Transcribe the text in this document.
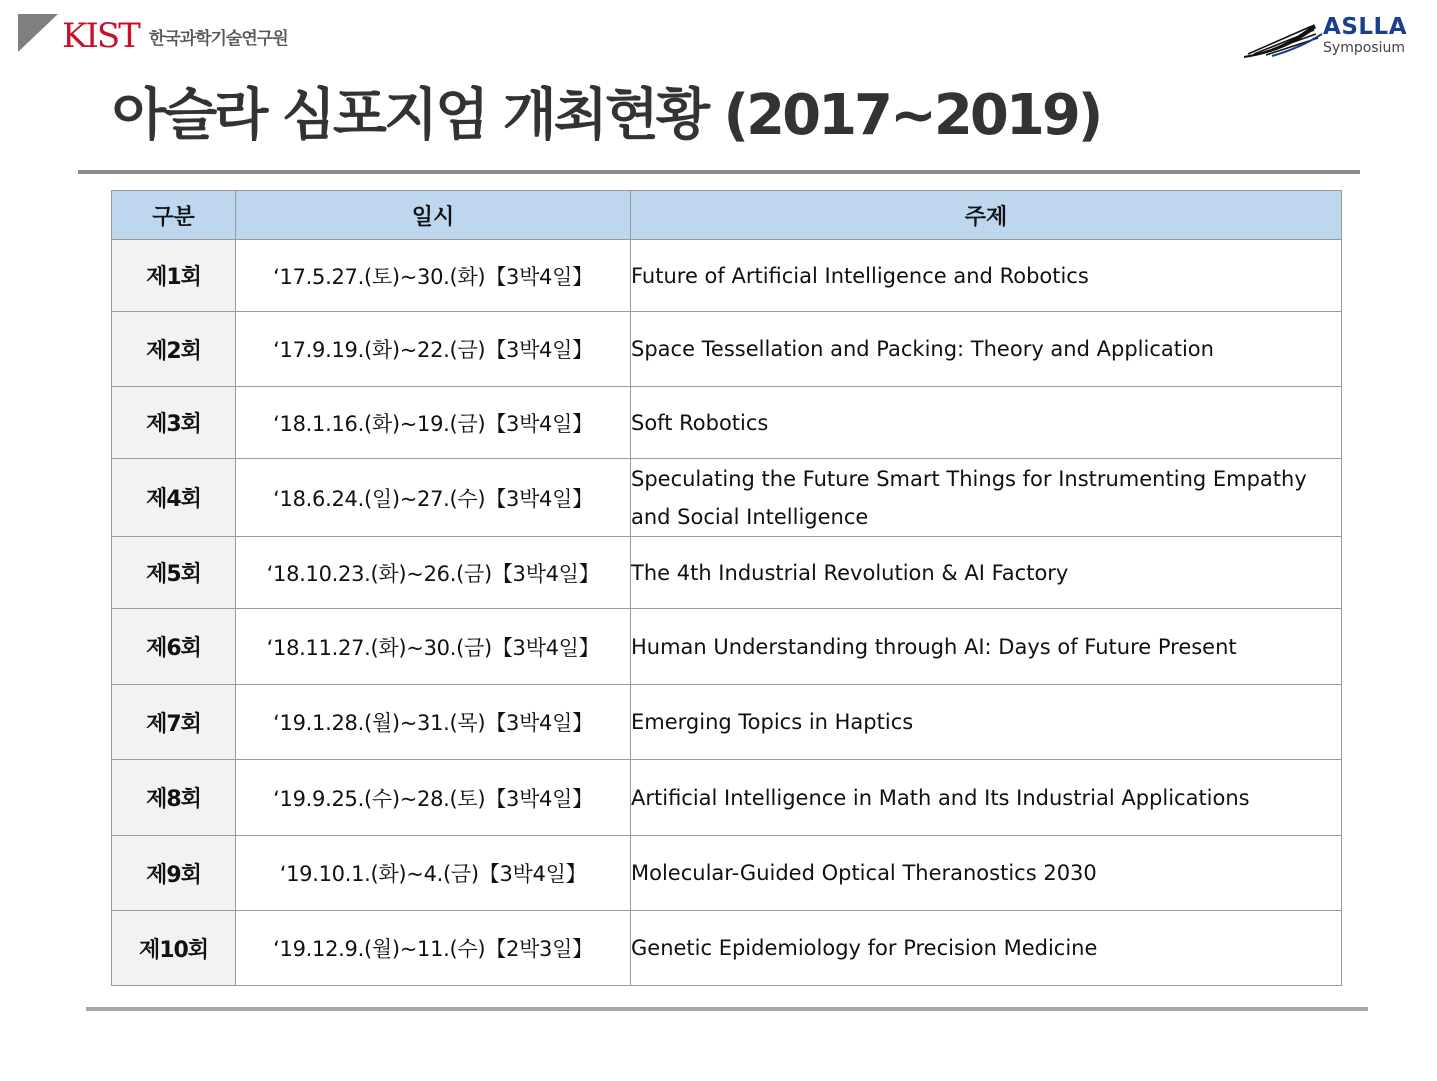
KIST 한국과학기술연구원	ASLLA
Symposium
아슬라 심포지엄 개최현황 (2017~2019)
구분	일시	주제
제1회	‘17.5.27.(토)~30.(화)【3박4일】	Future of Artificial Intelligence and Robotics
제2회	‘17.9.19.(화)~22.(금)【3박4일】	Space Tessellation and Packing: Theory and Application
제3회	‘18.1.16.(화)~19.(금)【3박4일】	Soft Robotics
제4회	‘18.6.24.(일)~27.(수)【3박4일】	Speculating the Future Smart Things for Instrumenting Empathy and Social Intelligence
제5회	‘18.10.23.(화)~26.(금)【3박4일】	The 4th Industrial Revolution & AI Factory
제6회	‘18.11.27.(화)~30.(금)【3박4일】	Human Understanding through AI: Days of Future Present
제7회	‘19.1.28.(월)~31.(목)【3박4일】	Emerging Topics in Haptics
제8회	‘19.9.25.(수)~28.(토)【3박4일】	Artificial Intelligence in Math and Its Industrial Applications
제9회	‘19.10.1.(화)~4.(금)【3박4일】	Molecular-Guided Optical Theranostics 2030
제10회	‘19.12.9.(월)~11.(수)【2박3일】	Genetic Epidemiology for Precision Medicine
